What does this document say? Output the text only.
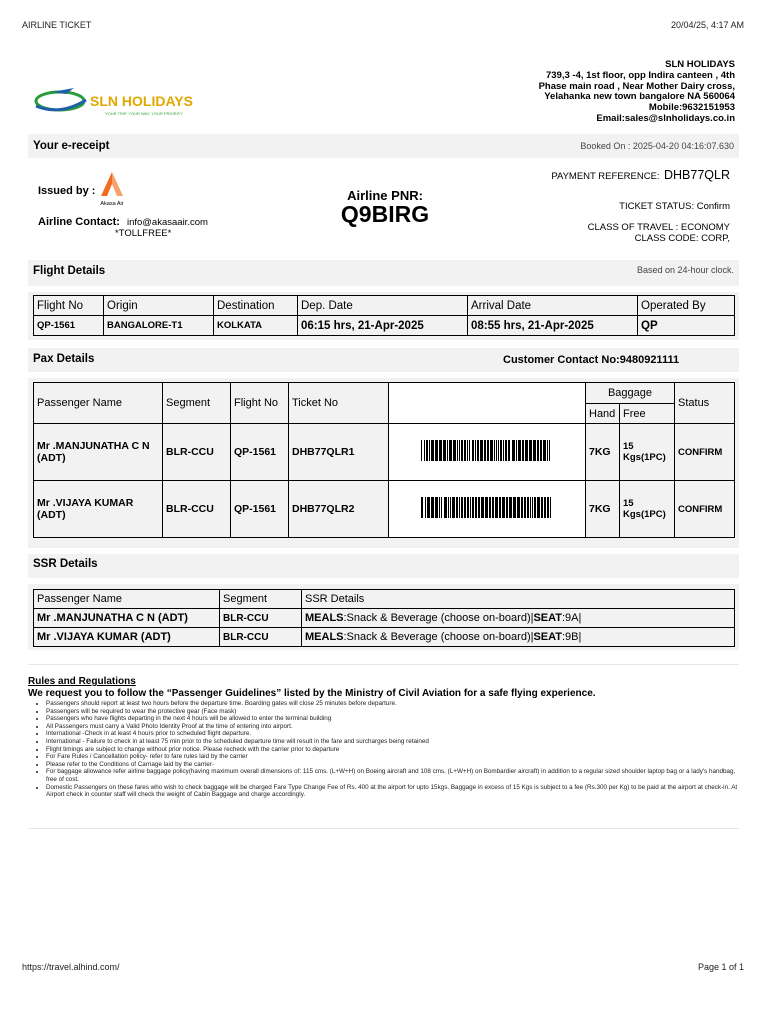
AIRLINE TICKET	20/04/25, 4:17 AM
SLN HOLIDAYS
YOUR TRIP, YOUR WAY, YOUR PRIORITY
SLN HOLIDAYS
739,3 -4, 1st floor, opp Indira canteen , 4th
Phase main road , Near Mother Dairy cross,
Yelahanka new town bangalore NA 560064
Mobile:9632151953
Email:sales@slnholidays.co.in
Your e-receipt	Booked On : 2025-04-20 04:16:07.630
Issued by :
Akasa Air
Airline Contact: info@akasaair.com
*TOLLFREE*
Airline PNR:
Q9BIRG
PAYMENT REFERENCE: DHB77QLR
TICKET STATUS: Confirm
CLASS OF TRAVEL : ECONOMY
CLASS CODE: CORP,
Flight Details	Based on 24-hour clock.
Flight No	Origin	Destination	Dep. Date	Arrival Date	Operated By
QP-1561	BANGALORE-T1	KOLKATA	06:15 hrs, 21-Apr-2025	08:55 hrs, 21-Apr-2025	QP
Pax Details	Customer Contact No:9480921111
Passenger Name	Segment	Flight No	Ticket No		Baggage		Status
					Hand	Free	
Mr .MANJUNATHA C N (ADT)	BLR-CCU	QP-1561	DHB77QLR1		7KG	15 Kgs(1PC)	CONFIRM
Mr .VIJAYA KUMAR (ADT)	BLR-CCU	QP-1561	DHB77QLR2		7KG	15 Kgs(1PC)	CONFIRM
SSR Details
Passenger Name	Segment	SSR Details
Mr .MANJUNATHA C N (ADT)	BLR-CCU	MEALS:Snack & Beverage (choose on-board)|SEAT:9A|
Mr .VIJAYA KUMAR (ADT)	BLR-CCU	MEALS:Snack & Beverage (choose on-board)|SEAT:9B|
Rules and Regulations
We request you to follow the “Passenger Guidelines” listed by the Ministry of Civil Aviation for a safe flying experience.
• Passengers should report at least two hours before the departure time. Boarding gates will close 25 minutes before departure.
• Passengers will be required to wear the protective gear (Face mask)
• Passengers who have flights departing in the next 4 hours will be allowed to enter the terminal building
• All Passengers must carry a Valid Photo Identity Proof at the time of entering into airport.
• International -Check in at least 4 hours prior to scheduled flight departure.
• International - Failure to check in at least 75 min prior to the scheduled departure time will result in the fare and surcharges being retained
• Flight timings are subject to change without prior notice. Please recheck with the carrier prior to departure
• For Fare Rules / Cancellation policy- refer to fare rules laid by the carrier
• Please refer to the Conditions of Carriage laid by the carrier-
• For baggage allowance refer airline baggage policy(having maximum overall dimensions of: 115 cms. (L+W+H) on Boeing aircraft and 108 cms. (L+W+H) on Bombardier aircraft) in addition to a regular sized shoulder laptop bag or a lady's handbag, free of cost.
• Domestic Passengers on these fares who wish to check baggage will be charged Fare Type Change Fee of Rs. 400 at the airport for upto 15kgs. Baggage in excess of 15 Kgs is subject to a fee (Rs.300 per Kg) to be paid at the airport at check-in. At Airport check in counter staff will check the weight of Cabin Baggage and charge accordingly.
https://travel.alhind.com/	Page 1 of 1
